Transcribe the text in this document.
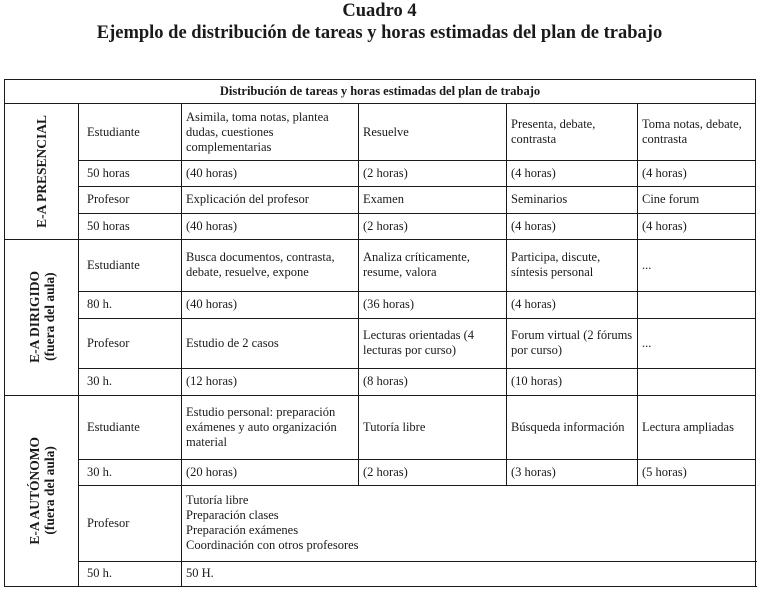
Cuadro 4
Ejemplo de distribución de tareas y horas estimadas del plan de trabajo
Distribución de tareas y horas estimadas del plan de trabajo					

E-A PRESENCIAL	Estudiante	Asimila, toma notas, plantea dudas, cuestiones complementarias	Resuelve	Presenta, debate, contrasta	Toma notas, debate, contrasta
	50 horas	(40 horas)	(2 horas)	(4 horas)	(4 horas)
	Profesor	Explicación del profesor	Examen	Seminarios	Cine forum
	50 horas	(40 horas)	(2 horas)	(4 horas)	(4 horas)

E-A DIRIGIDO (fuera del aula)	Estudiante	Busca documentos, contrasta, debate, resuelve, expone	Analiza críticamente, resume, valora	Participa, discute, síntesis personal	...
	80 h.	(40 horas)	(36 horas)	(4 horas)	
	Profesor	Estudio de 2 casos	Lecturas orientadas (4 lecturas por curso)	Forum virtual (2 fórums por curso)	...
	30 h.	(12 horas)	(8 horas)	(10 horas)	

E-A AUTÓNOMO (fuera del aula)	Estudiante	Estudio personal: preparación exámenes y auto organización material	Tutoría libre	Búsqueda información	Lectura ampliadas
	30 h.	(20 horas)	(2 horas)	(3 horas)	(5 horas)
	Profesor	Tutoría libre
Preparación clases
Preparación exámenes
Coordinación con otros profesores			
	50 h.	50 H.			
